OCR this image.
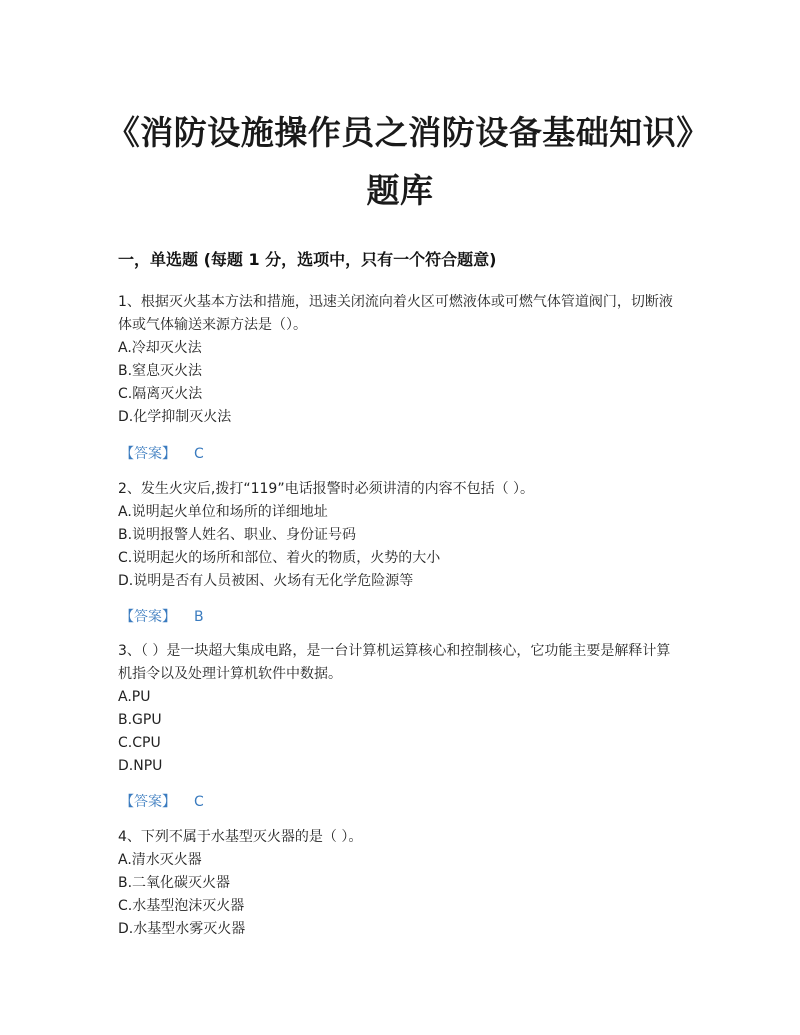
《消防设施操作员之消防设备基础知识》题库
一，单选题 (每题 1 分，选项中，只有一个符合题意)

1、根据灭火基本方法和措施，迅速关闭流向着火区可燃液体或可燃气体管道阀门，切断液体或气体输送来源方法是（）。

A.冷却灭火法

B.窒息灭火法

C.隔离灭火法

D.化学抑制灭火法

【答案】 C

2、发生火灾后,拨打“119”电话报警时必须讲清的内容不包括（ ）。

A.说明起火单位和场所的详细地址

B.说明报警人姓名、职业、身份证号码

C.说明起火的场所和部位、着火的物质，火势的大小

D.说明是否有人员被困、火场有无化学危险源等

【答案】 B

3、（ ）是一块超大集成电路，是一台计算机运算核心和控制核心，它功能主要是解释计算机指令以及处理计算机软件中数据。

A.PU

B.GPU

C.CPU

D.NPU

【答案】 C

4、下列不属于水基型灭火器的是（ ）。

A.清水灭火器

B.二氧化碳灭火器

C.水基型泡沫灭火器

D.水基型水雾灭火器
